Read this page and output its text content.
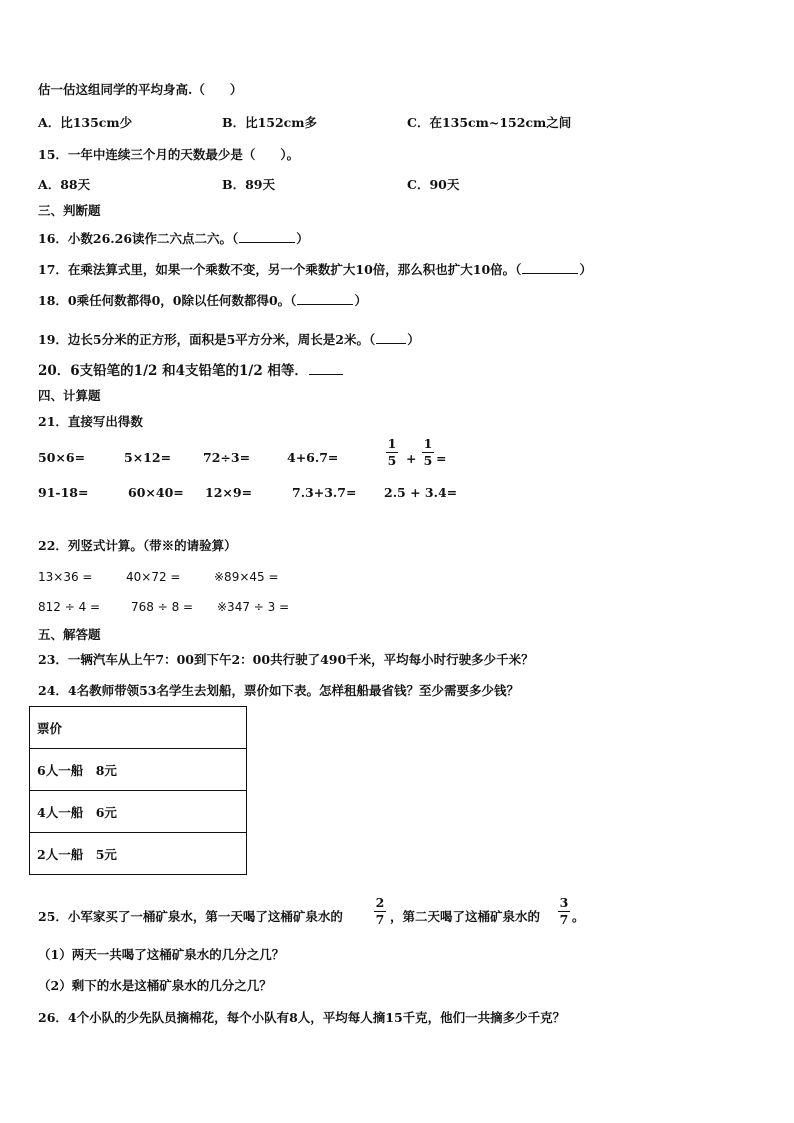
估一估这组同学的平均身高.（　　）
A．比135cm少	B．比152cm多	C．在135cm~152cm之间
15．一年中连续三个月的天数最少是（　　）。
A．88天	B．89天	C．90天
三、判断题
16．小数26.26读作二六点二六。（	）
17．在乘法算式里，如果一个乘数不变，另一个乘数扩大10倍，那么积也扩大10倍。（	）
18．0乘任何数都得0，0除以任何数都得0。（	）
19．边长5分米的正方形，面积是5平方分米，周长是2米。（	）
20．6支铅笔的1/2 和4支铅笔的1/2 相等．
四、计算题
21．直接写出得数
50×6=	5×12=	72÷3=	4+6.7=
1
5 +
1
5 =
91-18=	60×40= 12×9=	7.3+3.7= 2.5 + 3.4=
22．列竖式计算。（带※的请验算）
13×36 =	40×72 =	※89×45 =
812 ÷ 4 =	768 ÷ 8 = ※347 ÷ 3 =
五、解答题
23．一辆汽车从上午7：00到下午2：00共行驶了490千米，平均每小时行驶多少千米？
24．4名教师带领53名学生去划船，票价如下表。怎样租船最省钱？至少需要多少钱？
票价
6人一船　8元
4人一船　6元
2人一船　5元
25．小军家买了一桶矿泉水，第一天喝了这桶矿泉水的
2
7 ，第二天喝了这桶矿泉水的
3
7 。
（1）两天一共喝了这桶矿泉水的几分之几？
（2）剩下的水是这桶矿泉水的几分之几？
26．4个小队的少先队员摘棉花，每个小队有8人，平均每人摘15千克，他们一共摘多少千克？
